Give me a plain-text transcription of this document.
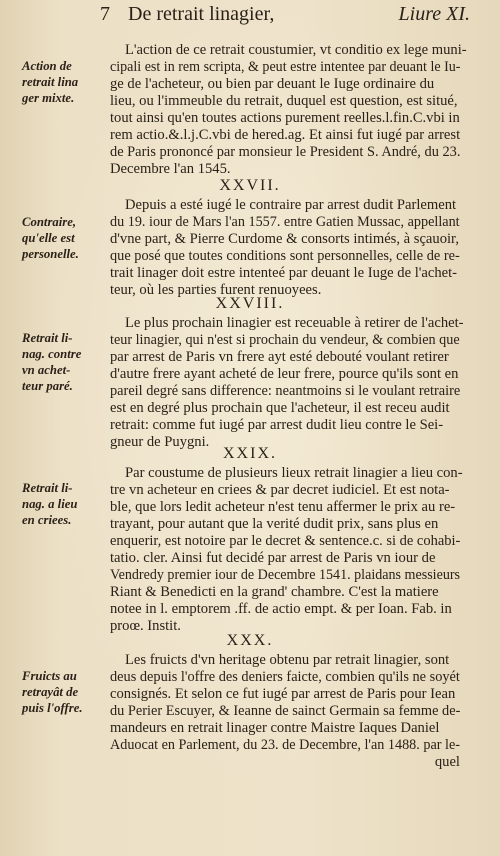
7 De retrait linagier,	Liure XI.
Action de
retrait lina
ger mixte.
Contraire,
qu'elle est
personelle.
Retrait li-
nag. contre
vn achet-
teur paré.
Retrait li-
nag. a lieu
en criees.
Fruicts au
retrayât de
puis l'offre.
XXVII.
XXVIII.
XXIX.
XXX.
L'action de ce retrait coustumier, vt conditio ex lege muni-
cipali est in rem scripta, & peut estre intentee par deuant le Iu-
ge de l'acheteur, ou bien par deuant le Iuge ordinaire du
lieu, ou l'immeuble du retrait, duquel est question, est situé,
tout ainsi qu'en toutes actions purement reelles.l.fin.C.vbi in
rem actio.&.l.j.C.vbi de hered.ag. Et ainsi fut iugé par arrest
de Paris prononcé par monsieur le President S. André, du 23.
Decembre l'an 1545.
Depuis a esté iugé le contraire par arrest dudit Parlement
du 19. iour de Mars l'an 1557. entre Gatien Mussac, appellant
d'vne part, & Pierre Curdome & consorts intimés, à sçauoir,
que posé que toutes conditions sont personnelles, celle de re-
trait linager doit estre intenteé par deuant le Iuge de l'achet-
teur, où les parties furent renuoyees.
Le plus prochain linagier est receuable à retirer de l'achet-
teur linagier, qui n'est si prochain du vendeur, & combien que
par arrest de Paris vn frere ayt esté debouté voulant retirer
d'autre frere ayant acheté de leur frere, pource qu'ils sont en
pareil degré sans difference: neantmoins si le voulant retraire
est en degré plus prochain que l'acheteur, il est receu audit
retrait: comme fut iugé par arrest dudit lieu contre le Sei-
gneur de Puygni.
Par coustume de plusieurs lieux retrait linagier a lieu con-
tre vn acheteur en criees & par decret iudiciel. Et est nota-
ble, que lors ledit acheteur n'est tenu affermer le prix au re-
trayant, pour autant que la verité dudit prix, sans plus en
enquerir, est notoire par le decret & sentence.c. si de cohabi-
tatio. cler. Ainsi fut decidé par arrest de Paris vn iour de
Vendredy premier iour de Decembre 1541. plaidans messieurs
Riant & Benedicti en la grand' chambre. C'est la matiere
notee in l. emptorem .ff. de actio empt. & per Ioan. Fab. in
proœ. Instit.
Les fruicts d'vn heritage obtenu par retrait linagier, sont
deus depuis l'offre des deniers faicte, combien qu'ils ne soyét
consignés. Et selon ce fut iugé par arrest de Paris pour Iean
du Perier Escuyer, & Ieanne de sainct Germain sa femme de-
mandeurs en retrait linager contre Maistre Iaques Daniel
Aduocat en Parlement, du 23. de Decembre, l'an 1488. par le-
quel
